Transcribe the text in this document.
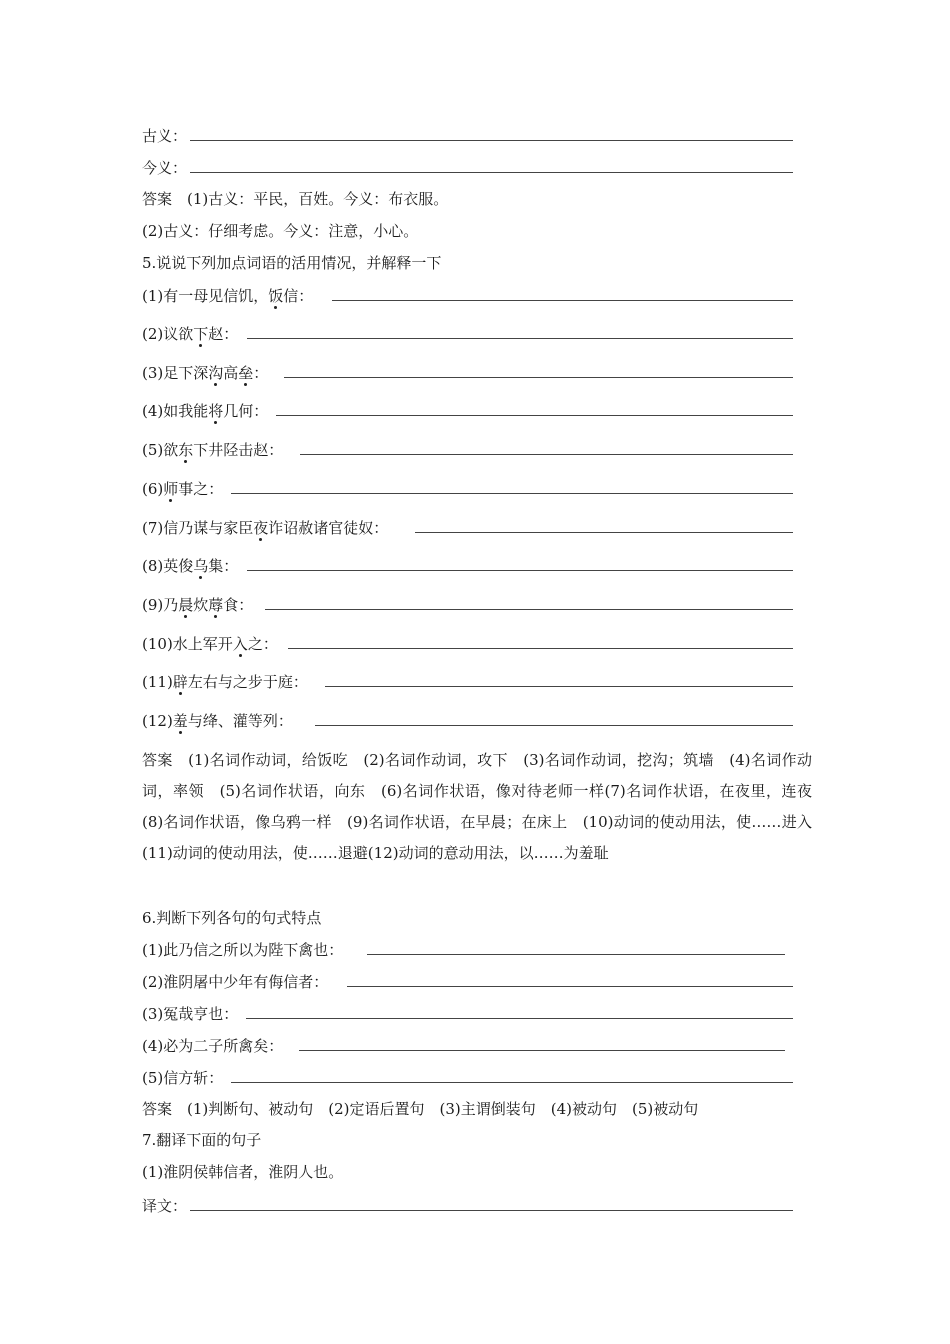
古义：
今义：
答案　(1)古义：平民，百姓。今义：布衣服。
(2)古义：仔细考虑。今义：注意，小心。
5.说说下列加点词语的活用情况，并解释一下
(1)有一母见信饥，饭信：
(2)议欲下赵：
(3)足下深沟高垒：
(4)如我能将几何：
(5)欲东下井陉击赵：
(6)师事之：
(7)信乃谋与家臣夜诈诏赦诸官徒奴：
(8)英俊乌集：
(9)乃晨炊蓐食：
(10)水上军开入之：
(11)辟左右与之步于庭：
(12)羞与绛、灌等列：
答案　(1)名词作动词，给饭吃　(2)名词作动词，攻下　(3)名词作动词，挖沟；筑墙　(4)名词作动词，率领　(5)名词作状语，向东　(6)名词作状语，像对待老师一样(7)名词作状语，在夜里，连夜　(8)名词作状语，像乌鸦一样　(9)名词作状语，在早晨；在床上　(10)动词的使动用法，使……进入　(11)动词的使动用法，使……退避(12)动词的意动用法，以……为羞耻
6.判断下列各句的句式特点
(1)此乃信之所以为陛下禽也：
(2)淮阴屠中少年有侮信者：
(3)冤哉亨也：
(4)必为二子所禽矣：
(5)信方斩：
答案　(1)判断句、被动句　(2)定语后置句　(3)主谓倒装句　(4)被动句　(5)被动句
7.翻译下面的句子
(1)淮阴侯韩信者，淮阴人也。
译文：
